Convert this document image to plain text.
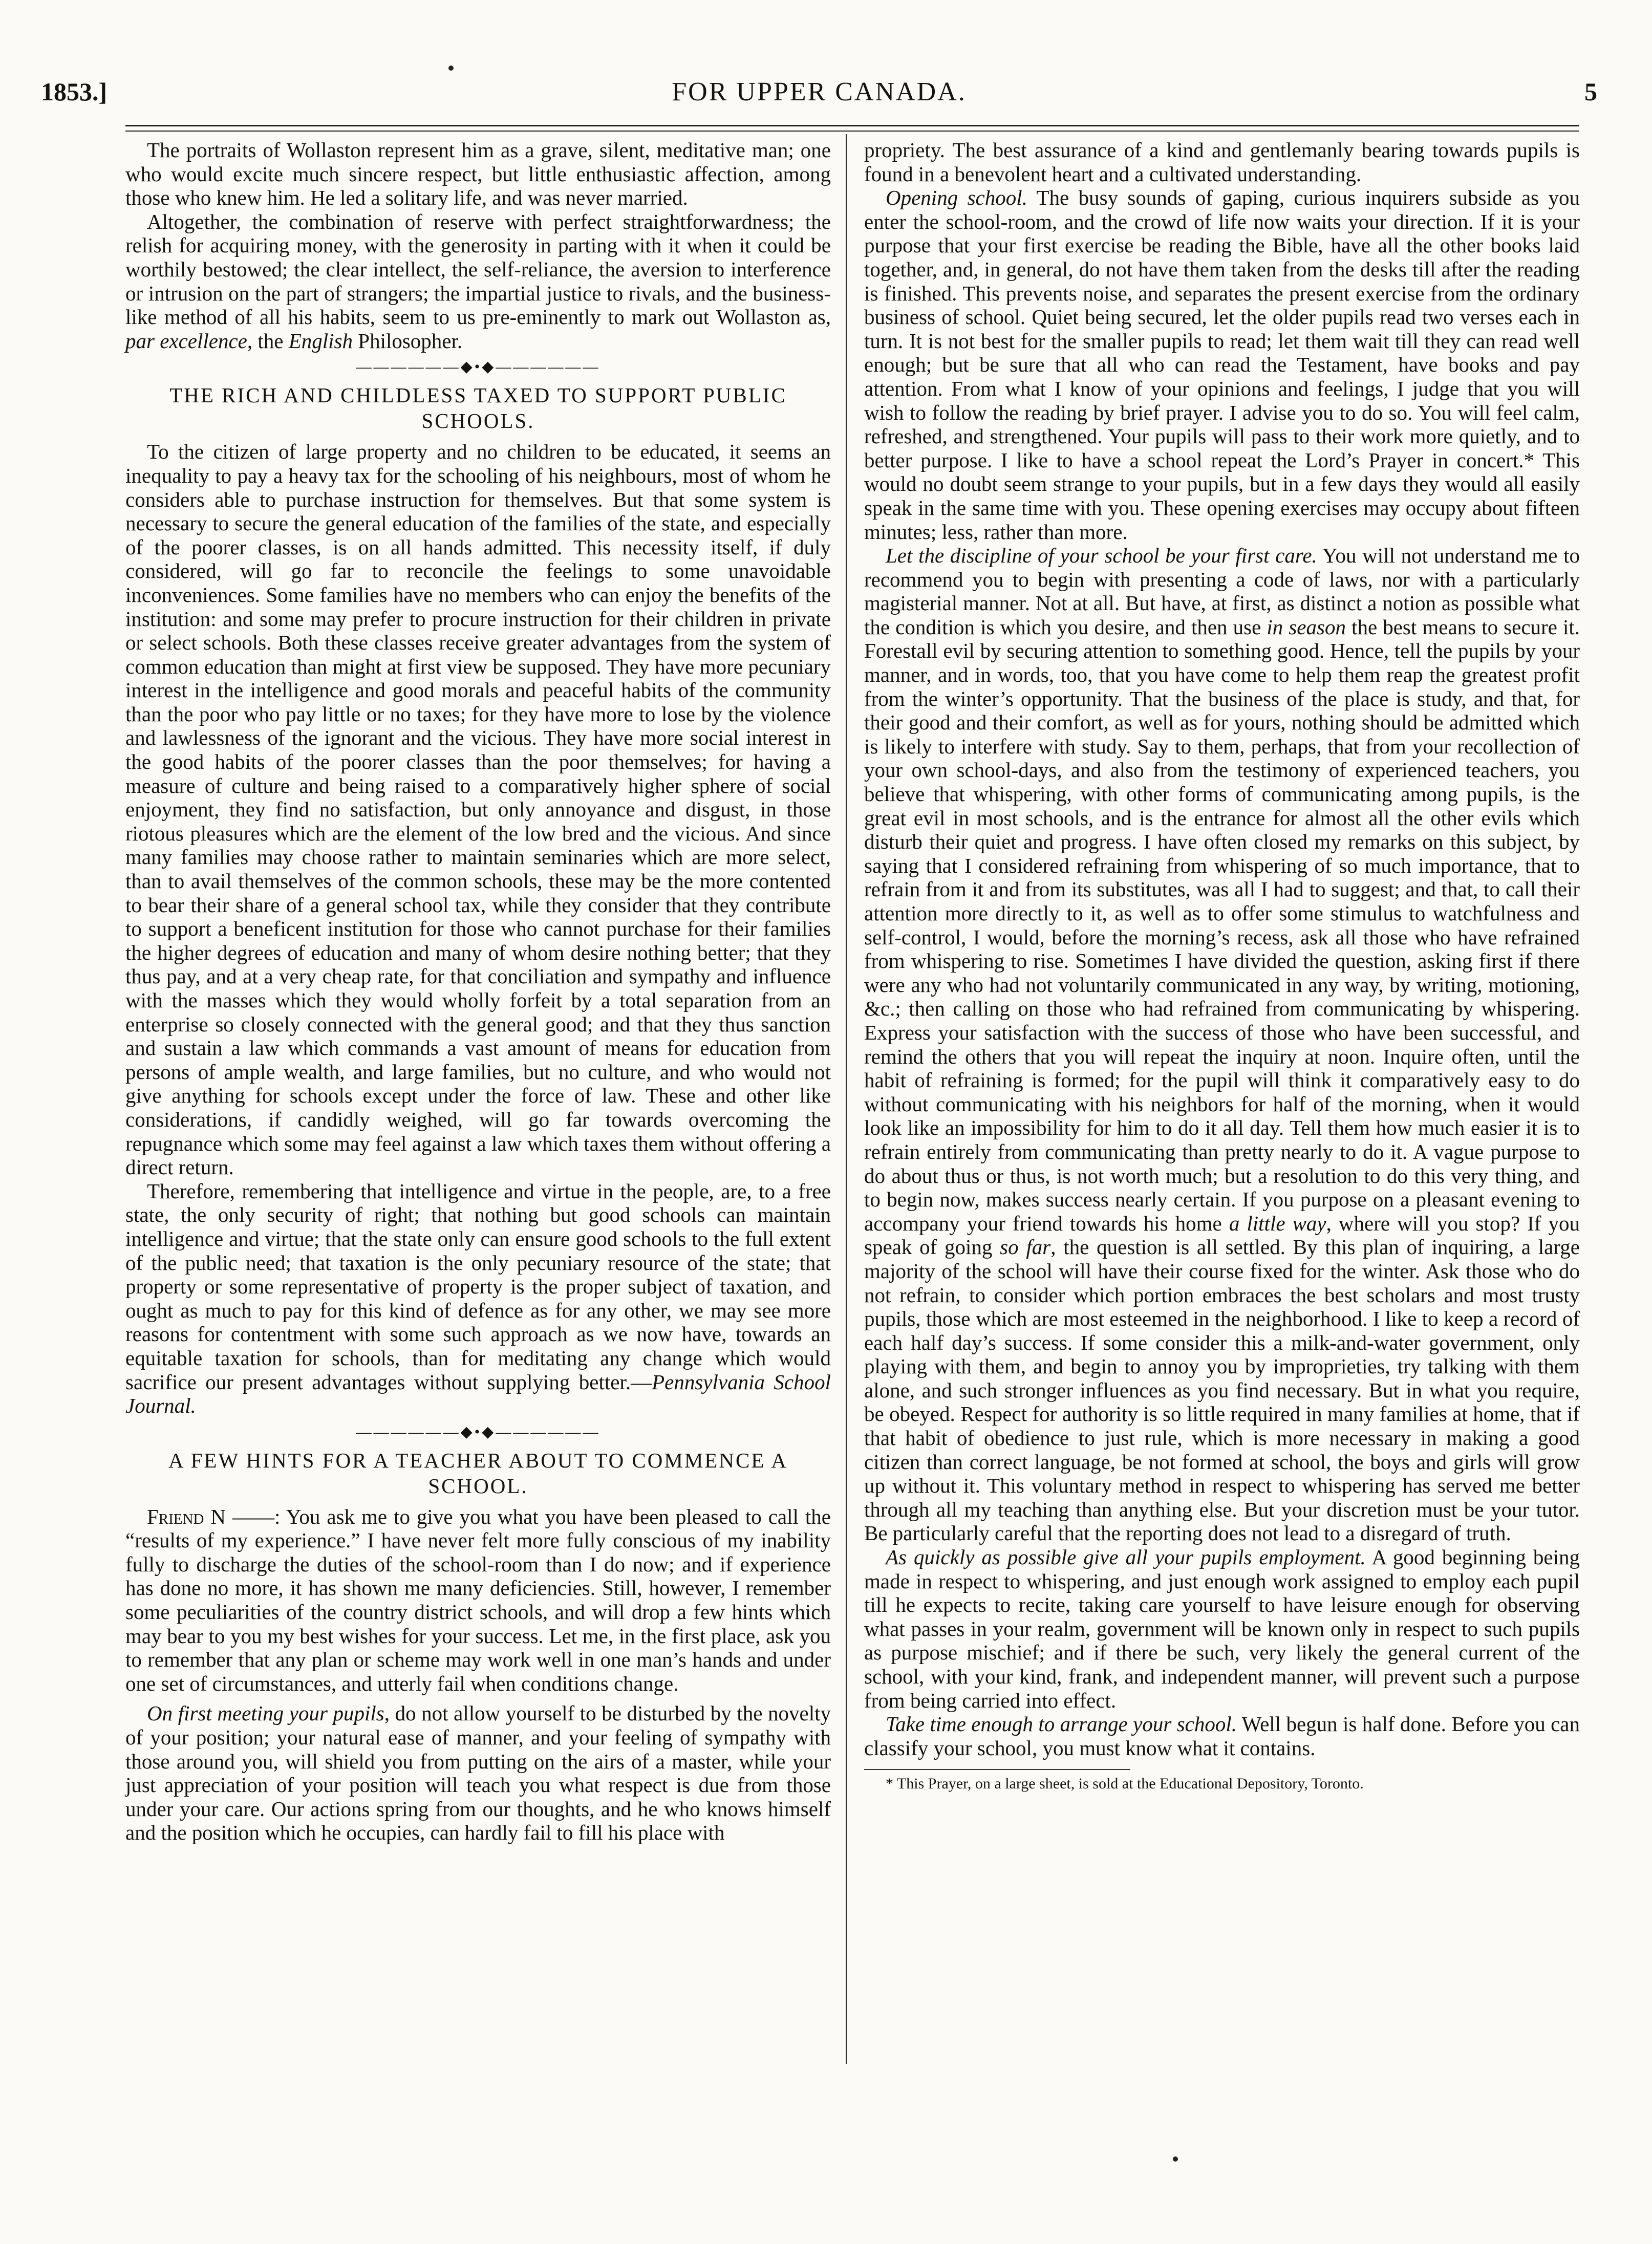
1853.]	FOR UPPER CANADA.	5

The portraits of Wollaston represent him as a grave, silent, meditative man; one who would excite much sincere respect, but little enthusiastic affection, among those who knew him. He led a solitary life, and was never married.

Altogether, the combination of reserve with perfect straightforwardness; the relish for acquiring money, with the generosity in parting with it when it could be worthily bestowed; the clear intellect, the self-reliance, the aversion to interference or intrusion on the part of strangers; the impartial justice to rivals, and the business-like method of all his habits, seem to us pre-eminently to mark out Wollaston as, par excellence, the English Philosopher.

——————◆•◆——————
THE RICH AND CHILDLESS TAXED TO SUPPORT PUBLIC SCHOOLS.

To the citizen of large property and no children to be educated, it seems an inequality to pay a heavy tax for the schooling of his neighbours, most of whom he considers able to purchase instruction for themselves. But that some system is necessary to secure the general education of the families of the state, and especially of the poorer classes, is on all hands admitted. This necessity itself, if duly considered, will go far to reconcile the feelings to some unavoidable inconveniences. Some families have no members who can enjoy the benefits of the institution: and some may prefer to procure instruction for their children in private or select schools. Both these classes receive greater advantages from the system of common education than might at first view be supposed. They have more pecuniary interest in the intelligence and good morals and peaceful habits of the community than the poor who pay little or no taxes; for they have more to lose by the violence and lawlessness of the ignorant and the vicious. They have more social interest in the good habits of the poorer classes than the poor themselves; for having a measure of culture and being raised to a comparatively higher sphere of social enjoyment, they find no satisfaction, but only annoyance and disgust, in those riotous pleasures which are the element of the low bred and the vicious. And since many families may choose rather to maintain seminaries which are more select, than to avail themselves of the common schools, these may be the more contented to bear their share of a general school tax, while they consider that they contribute to support a beneficent institution for those who cannot purchase for their families the higher degrees of education and many of whom desire nothing better; that they thus pay, and at a very cheap rate, for that conciliation and sympathy and influence with the masses which they would wholly forfeit by a total separation from an enterprise so closely connected with the general good; and that they thus sanction and sustain a law which commands a vast amount of means for education from persons of ample wealth, and large families, but no culture, and who would not give anything for schools except under the force of law. These and other like considerations, if candidly weighed, will go far towards overcoming the repugnance which some may feel against a law which taxes them without offering a direct return.

Therefore, remembering that intelligence and virtue in the people, are, to a free state, the only security of right; that nothing but good schools can maintain intelligence and virtue; that the state only can ensure good schools to the full extent of the public need; that taxation is the only pecuniary resource of the state; that property or some representative of property is the proper subject of taxation, and ought as much to pay for this kind of defence as for any other, we may see more reasons for contentment with some such approach as we now have, towards an equitable taxation for schools, than for meditating any change which would sacrifice our present advantages without supplying better.—Pennsylvania School Journal.

——————◆•◆——————
A FEW HINTS FOR A TEACHER ABOUT TO COMMENCE A SCHOOL.

Friend N ——: You ask me to give you what you have been pleased to call the “results of my experience.” I have never felt more fully conscious of my inability fully to discharge the duties of the school-room than I do now; and if experience has done no more, it has shown me many deficiencies. Still, however, I remember some peculiarities of the country district schools, and will drop a few hints which may bear to you my best wishes for your success. Let me, in the first place, ask you to remember that any plan or scheme may work well in one man’s hands and under one set of circumstances, and utterly fail when conditions change.

On first meeting your pupils, do not allow yourself to be disturbed by the novelty of your position; your natural ease of manner, and your feeling of sympathy with those around you, will shield you from putting on the airs of a master, while your just appreciation of your position will teach you what respect is due from those under your care. Our actions spring from our thoughts, and he who knows himself and the position which he occupies, can hardly fail to fill his place with

propriety. The best assurance of a kind and gentlemanly bearing towards pupils is found in a benevolent heart and a cultivated understanding.

Opening school. The busy sounds of gaping, curious inquirers subside as you enter the school-room, and the crowd of life now waits your direction. If it is your purpose that your first exercise be reading the Bible, have all the other books laid together, and, in general, do not have them taken from the desks till after the reading is finished. This prevents noise, and separates the present exercise from the ordinary business of school. Quiet being secured, let the older pupils read two verses each in turn. It is not best for the smaller pupils to read; let them wait till they can read well enough; but be sure that all who can read the Testament, have books and pay attention. From what I know of your opinions and feelings, I judge that you will wish to follow the reading by brief prayer. I advise you to do so. You will feel calm, refreshed, and strengthened. Your pupils will pass to their work more quietly, and to better purpose. I like to have a school repeat the Lord’s Prayer in concert.* This would no doubt seem strange to your pupils, but in a few days they would all easily speak in the same time with you. These opening exercises may occupy about fifteen minutes; less, rather than more.

Let the discipline of your school be your first care. You will not understand me to recommend you to begin with presenting a code of laws, nor with a particularly magisterial manner. Not at all. But have, at first, as distinct a notion as possible what the condition is which you desire, and then use in season the best means to secure it. Forestall evil by securing attention to something good. Hence, tell the pupils by your manner, and in words, too, that you have come to help them reap the greatest profit from the winter’s opportunity. That the business of the place is study, and that, for their good and their comfort, as well as for yours, nothing should be admitted which is likely to interfere with study. Say to them, perhaps, that from your recollection of your own school-days, and also from the testimony of experienced teachers, you believe that whispering, with other forms of communicating among pupils, is the great evil in most schools, and is the entrance for almost all the other evils which disturb their quiet and progress. I have often closed my remarks on this subject, by saying that I considered refraining from whispering of so much importance, that to refrain from it and from its substitutes, was all I had to suggest; and that, to call their attention more directly to it, as well as to offer some stimulus to watchfulness and self-control, I would, before the morning’s recess, ask all those who have refrained from whispering to rise. Sometimes I have divided the question, asking first if there were any who had not voluntarily communicated in any way, by writing, motioning, &c.; then calling on those who had refrained from communicating by whispering. Express your satisfaction with the success of those who have been successful, and remind the others that you will repeat the inquiry at noon. Inquire often, until the habit of refraining is formed; for the pupil will think it comparatively easy to do without communicating with his neighbors for half of the morning, when it would look like an impossibility for him to do it all day. Tell them how much easier it is to refrain entirely from communicating than pretty nearly to do it. A vague purpose to do about thus or thus, is not worth much; but a resolution to do this very thing, and to begin now, makes success nearly certain. If you purpose on a pleasant evening to accompany your friend towards his home a little way, where will you stop? If you speak of going so far, the question is all settled. By this plan of inquiring, a large majority of the school will have their course fixed for the winter. Ask those who do not refrain, to consider which portion embraces the best scholars and most trusty pupils, those which are most esteemed in the neighborhood. I like to keep a record of each half day’s success. If some consider this a milk-and-water government, only playing with them, and begin to annoy you by improprieties, try talking with them alone, and such stronger influences as you find necessary. But in what you require, be obeyed. Respect for authority is so little required in many families at home, that if that habit of obedience to just rule, which is more necessary in making a good citizen than correct language, be not formed at school, the boys and girls will grow up without it. This voluntary method in respect to whispering has served me better through all my teaching than anything else. But your discretion must be your tutor. Be particularly careful that the reporting does not lead to a disregard of truth.

As quickly as possible give all your pupils employment. A good beginning being made in respect to whispering, and just enough work assigned to employ each pupil till he expects to recite, taking care yourself to have leisure enough for observing what passes in your realm, government will be known only in respect to such pupils as purpose mischief; and if there be such, very likely the general current of the school, with your kind, frank, and independent manner, will prevent such a purpose from being carried into effect.

Take time enough to arrange your school. Well begun is half done. Before you can classify your school, you must know what it contains.

* This Prayer, on a large sheet, is sold at the Educational Depository, Toronto.
